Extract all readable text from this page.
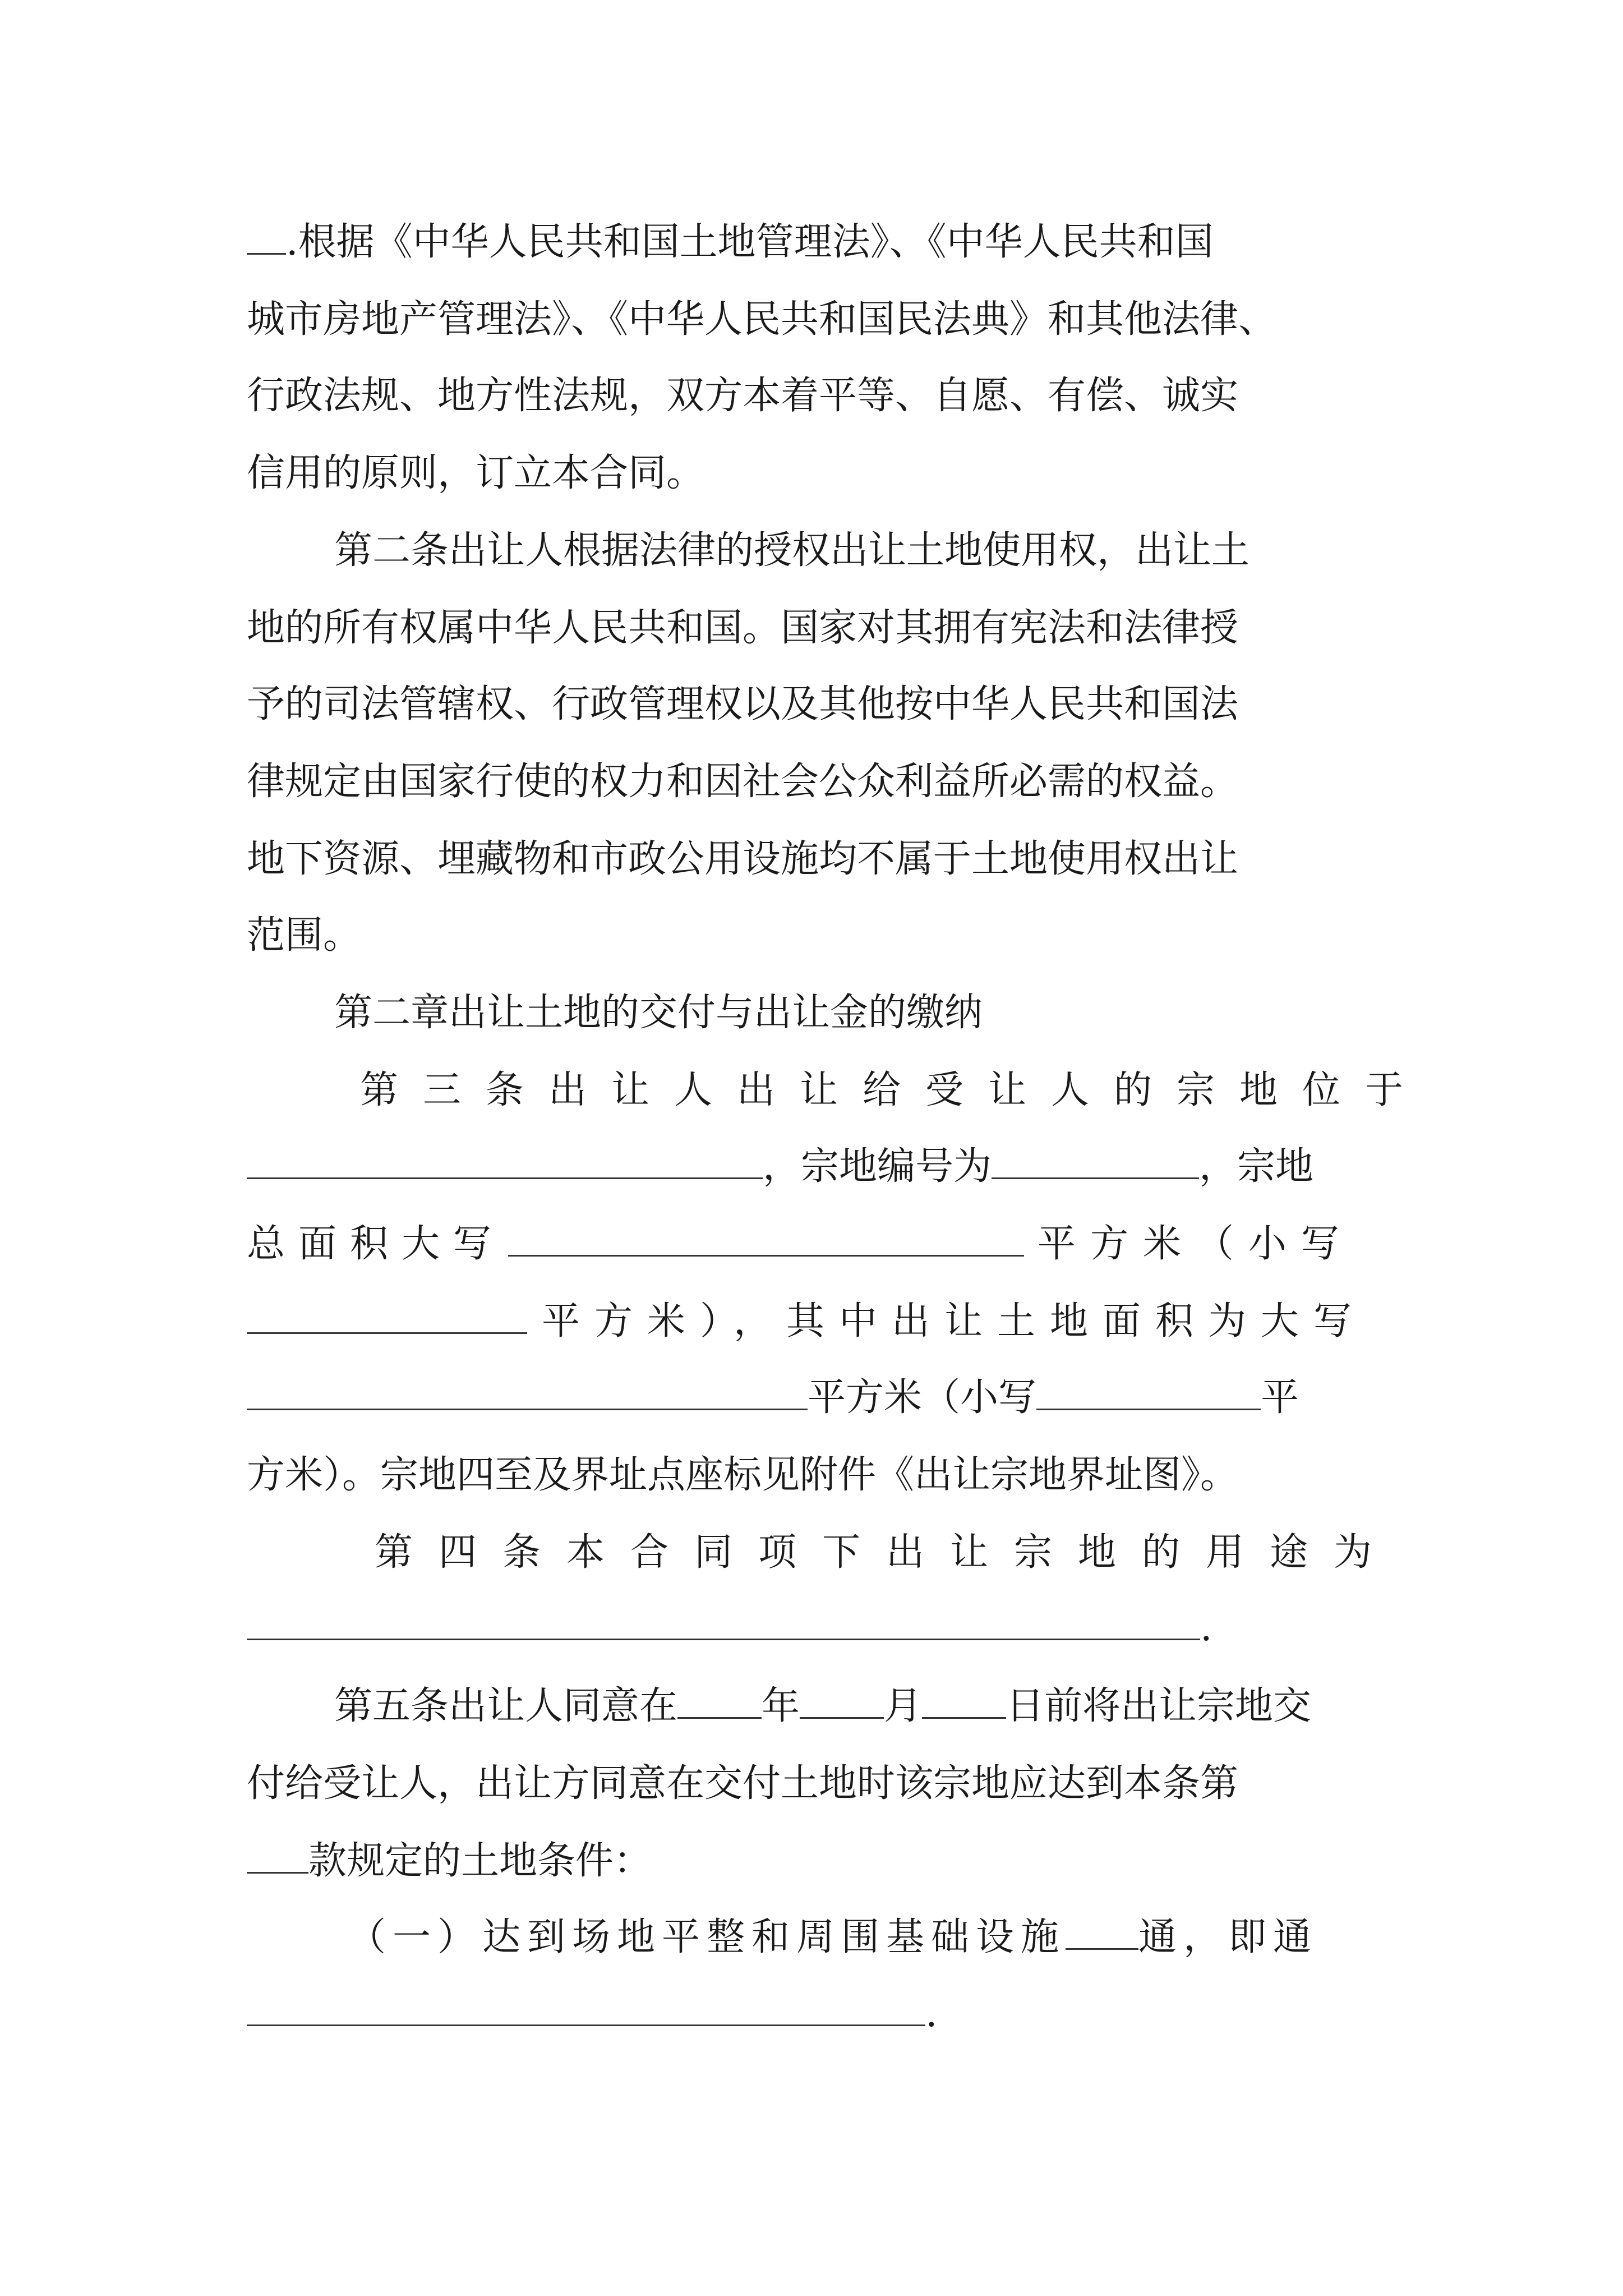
.根据《中华人民共和国土地管理法》、《中华人民共和国
城市房地产管理法》、《中华人民共和国民法典》和其他法律、
行政法规、地方性法规，双方本着平等、自愿、有偿、诚实
信用的原则，订立本合同。
第二条出让人根据法律的授权出让土地使用权，出让土
地的所有权属中华人民共和国。国家对其拥有宪法和法律授
予的司法管辖权、行政管理权以及其他按中华人民共和国法
律规定由国家行使的权力和因社会公众利益所必需的权益。
地下资源、埋藏物和市政公用设施均不属于土地使用权出让
范围。
第二章出让土地的交付与出让金的缴纳
第三条出让人出让给受让人的宗地位于
，宗地编号为	，宗地
总面积大写	平方米（小写
平方米），其中出让土地面积为大写
平方米（小写	平
方米）。宗地四至及界址点座标见附件《出让宗地界址图》。
第四条本合同项下出让宗地的用途为
.
第五条出让人同意在 年 月 日前将出让宗地交
付给受让人，出让方同意在交付土地时该宗地应达到本条第
款规定的土地条件：
（一）达到场地平整和周围基础设施 通，即通
.
